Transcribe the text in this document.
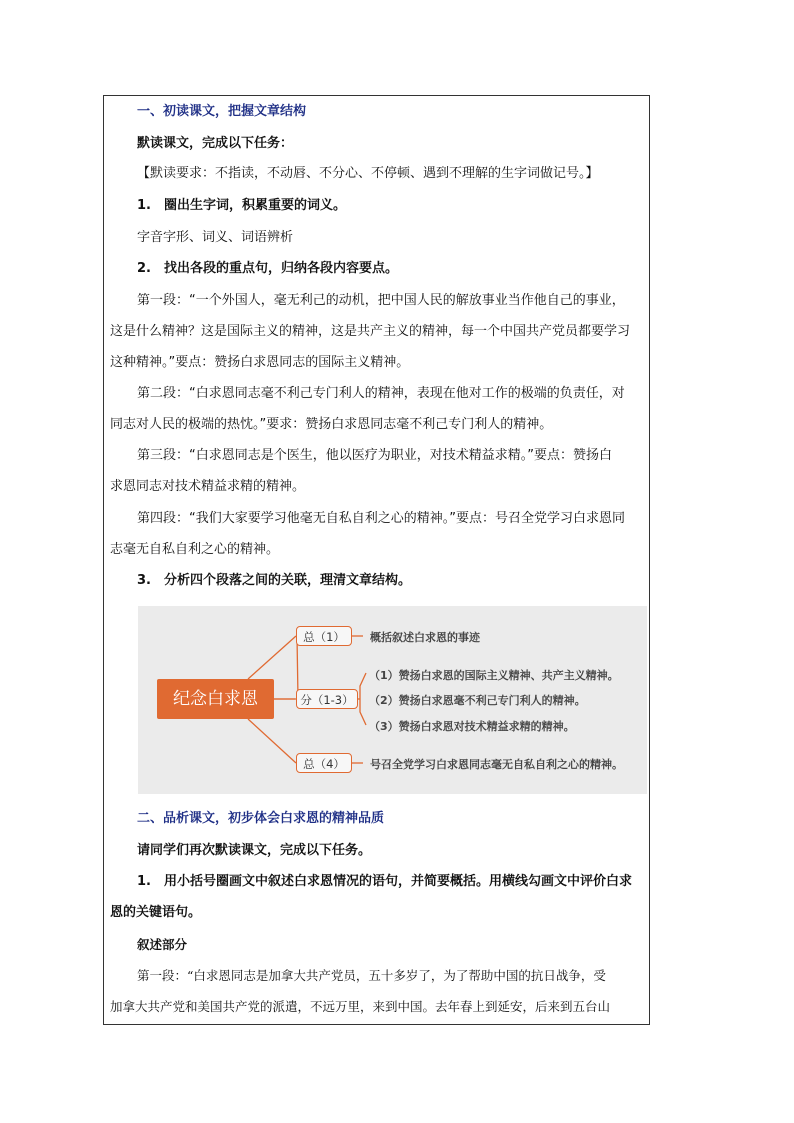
一、初读课文，把握文章结构
默读课文，完成以下任务：
【默读要求：不指读，不动唇、不分心、不停顿、遇到不理解的生字词做记号。】
1.　圈出生字词，积累重要的词义。
字音字形、词义、词语辨析
2.　找出各段的重点句，归纳各段内容要点。
第一段：“一个外国人，毫无利己的动机，把中国人民的解放事业当作他自己的事业，
这是什么精神？这是国际主义的精神，这是共产主义的精神，每一个中国共产党员都要学习
这种精神。”要点：赞扬白求恩同志的国际主义精神。
第二段：“白求恩同志毫不利己专门利人的精神，表现在他对工作的极端的负责任，对
同志对人民的极端的热忱。”要求：赞扬白求恩同志毫不利己专门利人的精神。
第三段：“白求恩同志是个医生，他以医疗为职业，对技术精益求精。”要点：赞扬白
求恩同志对技术精益求精的精神。
第四段：“我们大家要学习他毫无自私自利之心的精神。”要点：号召全党学习白求恩同
志毫无自私自利之心的精神。
3.　分析四个段落之间的关联，理清文章结构。
纪念白求恩
总（1）	概括叙述白求恩的事迹
分（1-3）
（1）赞扬白求恩的国际主义精神、共产主义精神。
（2）赞扬白求恩毫不利己专门利人的精神。
（3）赞扬白求恩对技术精益求精的精神。
总（4）	号召全党学习白求恩同志毫无自私自利之心的精神。
二、品析课文，初步体会白求恩的精神品质
请同学们再次默读课文，完成以下任务。
1.　用小括号圈画文中叙述白求恩情况的语句，并简要概括。用横线勾画文中评价白求
恩的关键语句。
叙述部分
第一段：“白求恩同志是加拿大共产党员，五十多岁了，为了帮助中国的抗日战争，受
加拿大共产党和美国共产党的派遣，不远万里，来到中国。去年春上到延安，后来到五台山
